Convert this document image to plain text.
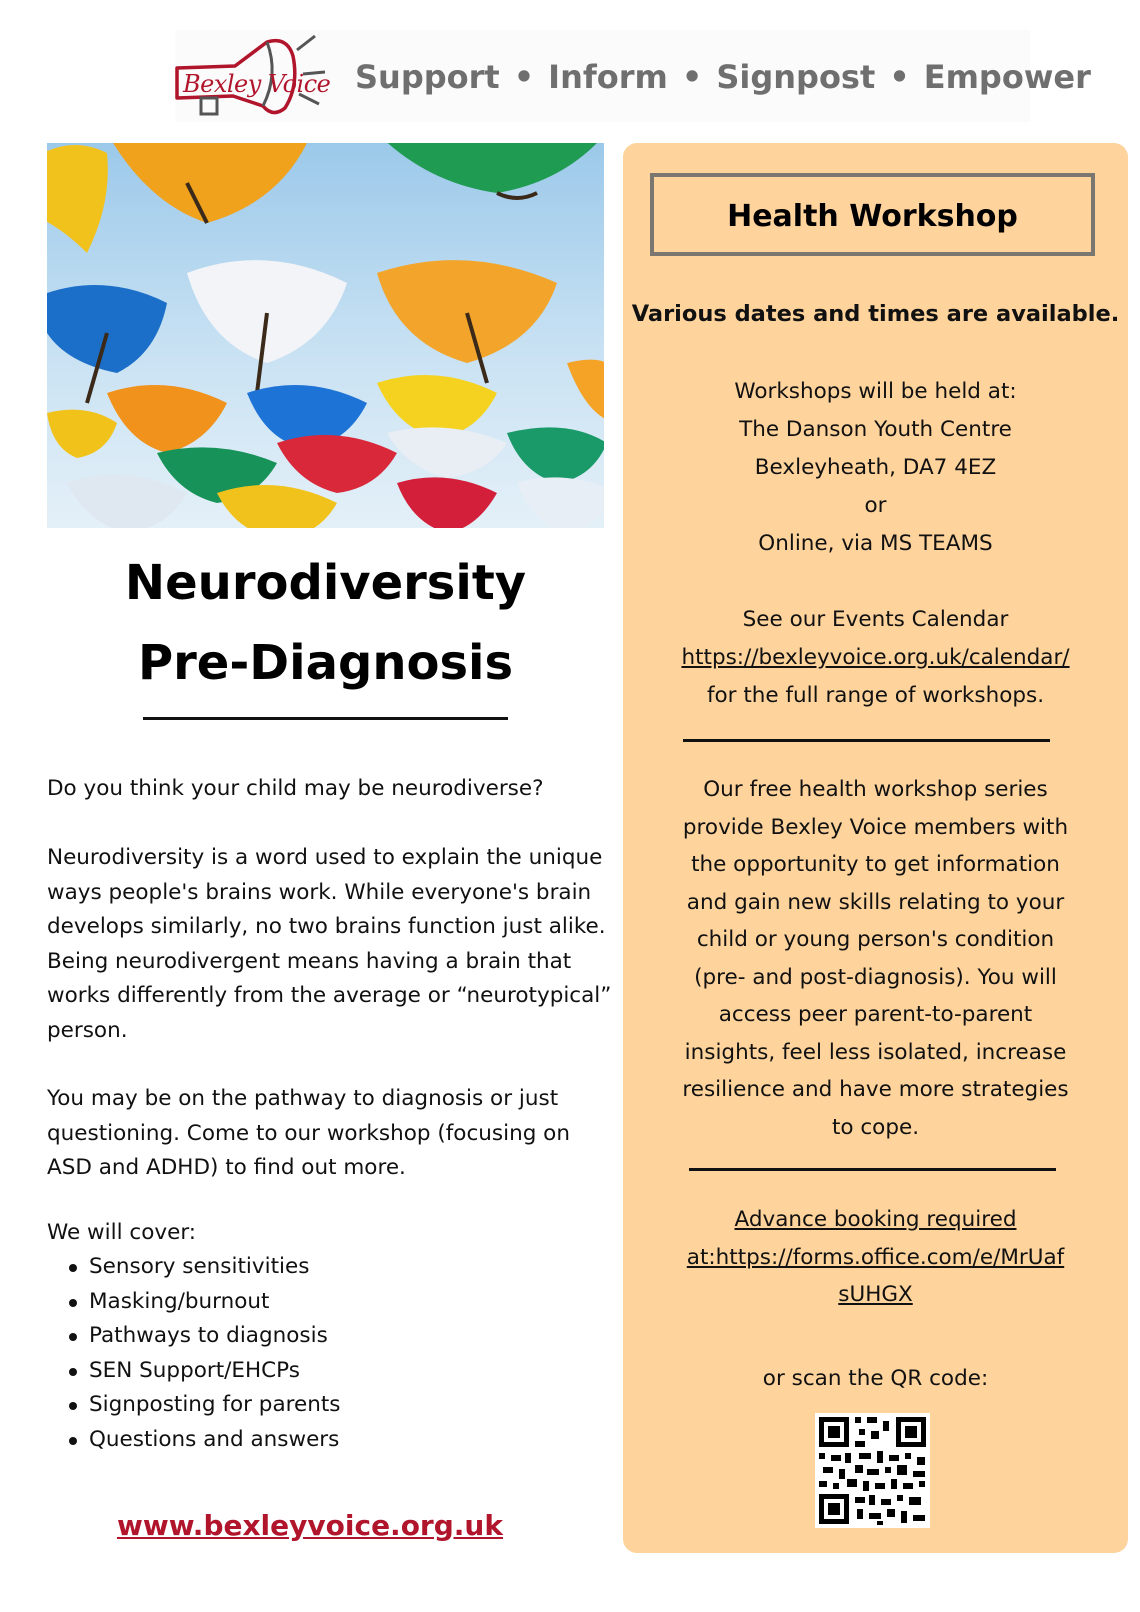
Bexley Voice Support • Inform • Signpost • Empower
Neurodiversity
Pre-Diagnosis
Do you think your child may be neurodiverse?
Neurodiversity is a word used to explain the unique
ways people's brains work. While everyone's brain
develops similarly, no two brains function just alike.
Being neurodivergent means having a brain that
works differently from the average or “neurotypical”
person.
You may be on the pathway to diagnosis or just
questioning. Come to our workshop (focusing on
ASD and ADHD) to find out more.
We will cover:
Sensory sensitivities
Masking/burnout
Pathways to diagnosis
SEN Support/EHCPs
Signposting for parents
Questions and answers
www.bexleyvoice.org.uk
Health Workshop
Various dates and times are available.
Workshops will be held at:
The Danson Youth Centre
Bexleyheath, DA7 4EZ
or
Online, via MS TEAMS
See our Events Calendar
https://bexleyvoice.org.uk/calendar/
for the full range of workshops.
Our free health workshop series
provide Bexley Voice members with
the opportunity to get information
and gain new skills relating to your
child or young person's condition
(pre- and post-diagnosis). You will
access peer parent-to-parent
insights, feel less isolated, increase
resilience and have more strategies
to cope.
Advance booking required
at:https://forms.office.com/e/MrUaf
sUHGX
or scan the QR code:
